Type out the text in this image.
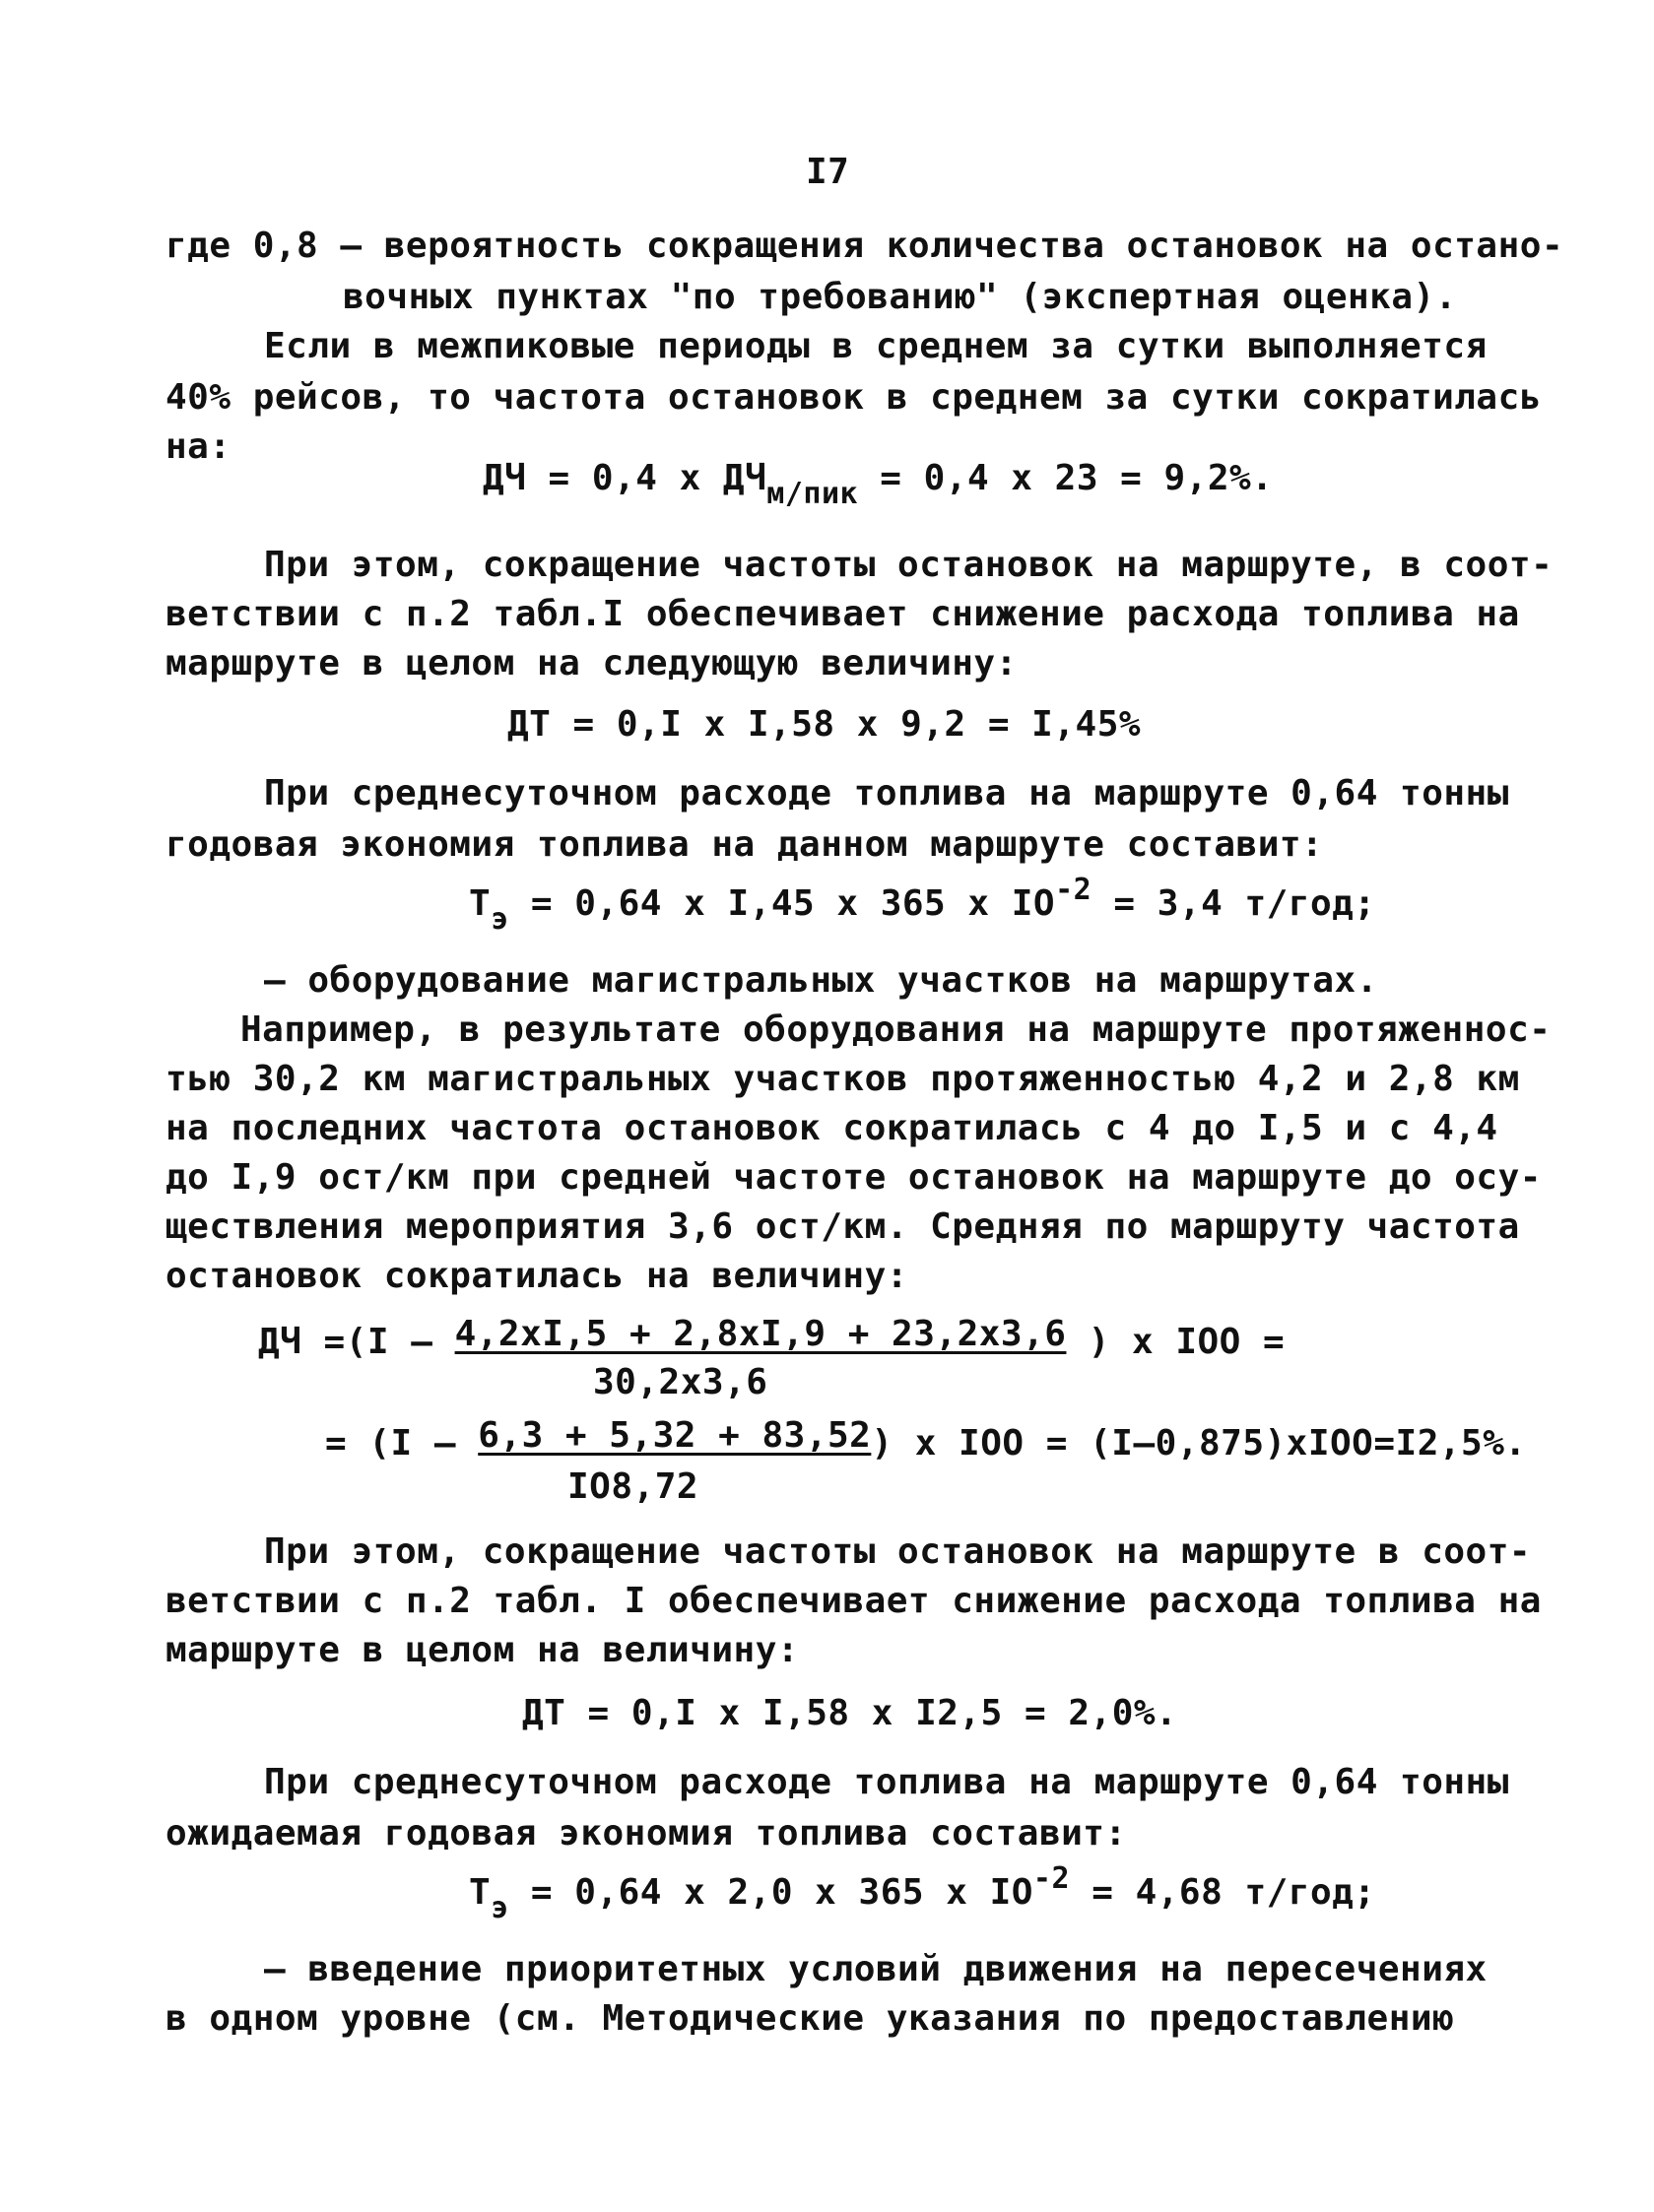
I7
где 0,8 – вероятность сокращения количества остановок на остано-
вочных пунктах "по требованию" (экспертная оценка).
Если в межпиковые периоды в среднем за сутки выполняется
40% рейсов, то частота остановок в среднем за сутки сократилась
на:
ДЧ = 0,4 x $ДЧ_{м/пик} = 0,4$ x 23 = 9,2%.
При этом, сокращение частоты остановок на маршруте, в соот-
ветствии с п.2 табл.I обеспечивает снижение расхода топлива на
маршруте в целом на следующую величину:
ДТ = 0,I x I,58 x 9,2 = I,45%
При среднесуточном расходе топлива на маршруте 0,64 тонны
годовая экономия топлива на данном маршруте составит:
$Т_э = 0,64$ x I,45 x 365 x $IO^{-2} = 3,4$ т/год;
– оборудование магистральных участков на маршрутах.
Например, в результате оборудования на маршруте протяженнос-
тью 30,2 км магистральных участков протяженностью 4,2 и 2,8 км
на последних частота остановок сократилась с 4 до I,5 и с 4,4
до I,9 ост/км при средней частоте остановок на маршруте до осу-
ществления мероприятия 3,6 ост/км. Средняя по маршруту частота
остановок сократилась на величину:
ДЧ =(I – 4,2xI,5 + 2,8xI,9 + 23,2x3,6 ) x IOO =
30,2x3,6
= (I – 6,3 + 5,32 + 83,52) x IOO = (I–0,875)xIOO=I2,5%.
IO8,72
При этом, сокращение частоты остановок на маршруте в соот-
ветствии с п.2 табл. I обеспечивает снижение расхода топлива на
маршруте в целом на величину:
ДТ = 0,I x I,58 x I2,5 = 2,0%.
При среднесуточном расходе топлива на маршруте 0,64 тонны
ожидаемая годовая экономия топлива составит:
$Т_э = 0,64$ x 2,0 x 365 x $IO^{-2} = 4,68$ т/год;
– введение приоритетных условий движения на пересечениях
в одном уровне (см. Методические указания по предоставлению
